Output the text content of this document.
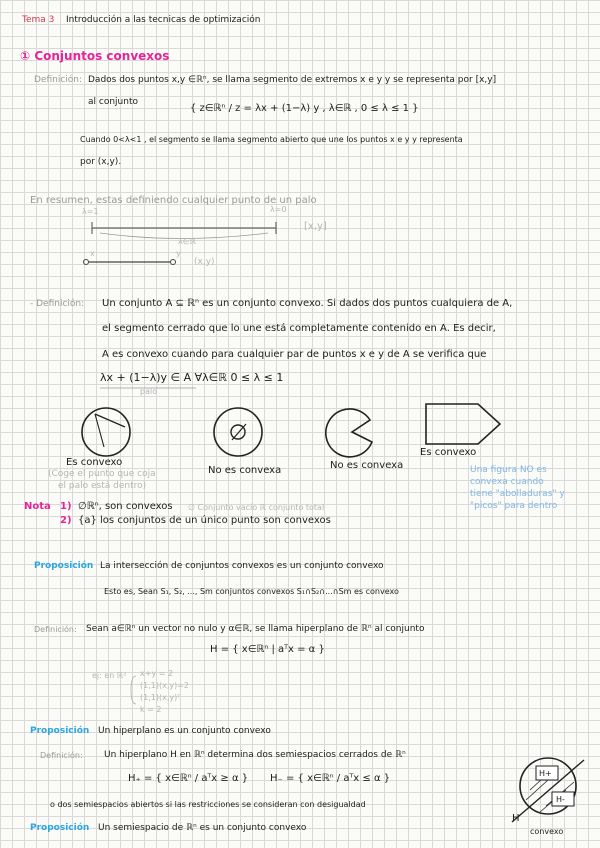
Tema 3 Introducción a las tecnicas de optimización
① Conjuntos convexos
Definición: Dados dos puntos x,y ∈ℝⁿ, se llama segmento de extremos x e y y se representa por [x,y]
al conjunto
{ z∈ℝⁿ / z = λx + (1−λ) y , λ∈ℝ , 0 ≤ λ ≤ 1 }
Cuando 0<λ<1 , el segmento se llama segmento abierto que une los puntos x e y y representa
por (x,y).
En resumen, estas definiendo cualquier punto de un palo
λ=1	λ=0
[x,y]
λ∈ℝ
x	y
(x,y)
- Definición: Un conjunto A ⊆ ℝⁿ es un conjunto convexo. Si dados dos puntos cualquiera de A,
el segmento cerrado que lo une está completamente contenido en A. Es decir,
A es convexo cuando para cualquier par de puntos x e y de A se verifica que
λx + (1−λ)y ∈ A ∀λ∈ℝ 0 ≤ λ ≤ 1
palo
Es convexo
(Coge el punto que coja
el palo está dentro)
No es convexa	No es convexa
Es convexo
Una figura NO es
convexa cuando
tiene "abolladuras" y
"picos" para dentro
Nota 1) ∅ℝⁿ, son convexos ∅ Conjunto vacío ℝ conjunto total
2) {a} los conjuntos de un único punto son convexos
Proposición La intersección de conjuntos convexos es un conjunto convexo
Esto es, Sean S₁, S₂, ..., Sm conjuntos convexos S₁∩S₂∩...∩Sm es convexo
Definición: Sean a∈ℝⁿ un vector no nulo y α∈ℝ, se llama hiperplano de ℝⁿ al conjunto
H = { x∈ℝⁿ | aᵀx = α }
ej: en ℝ² x+y = 2
(1,1)(x,y)=2
(1,1)(x,y)ᵀ
k = 2
Proposición Un hiperplano es un conjunto convexo
Definición: Un hiperplano H en ℝⁿ determina dos semiespacios cerrados de ℝⁿ
H₊ = { x∈ℝⁿ / aᵀx ≥ α } H₋ = { x∈ℝⁿ / aᵀx ≤ α }
o dos semiespacios abiertos si las restricciones se consideran con desigualdad
Proposición Un semiespacio de ℝⁿ es un conjunto convexo
H+
H-
H
convexo
